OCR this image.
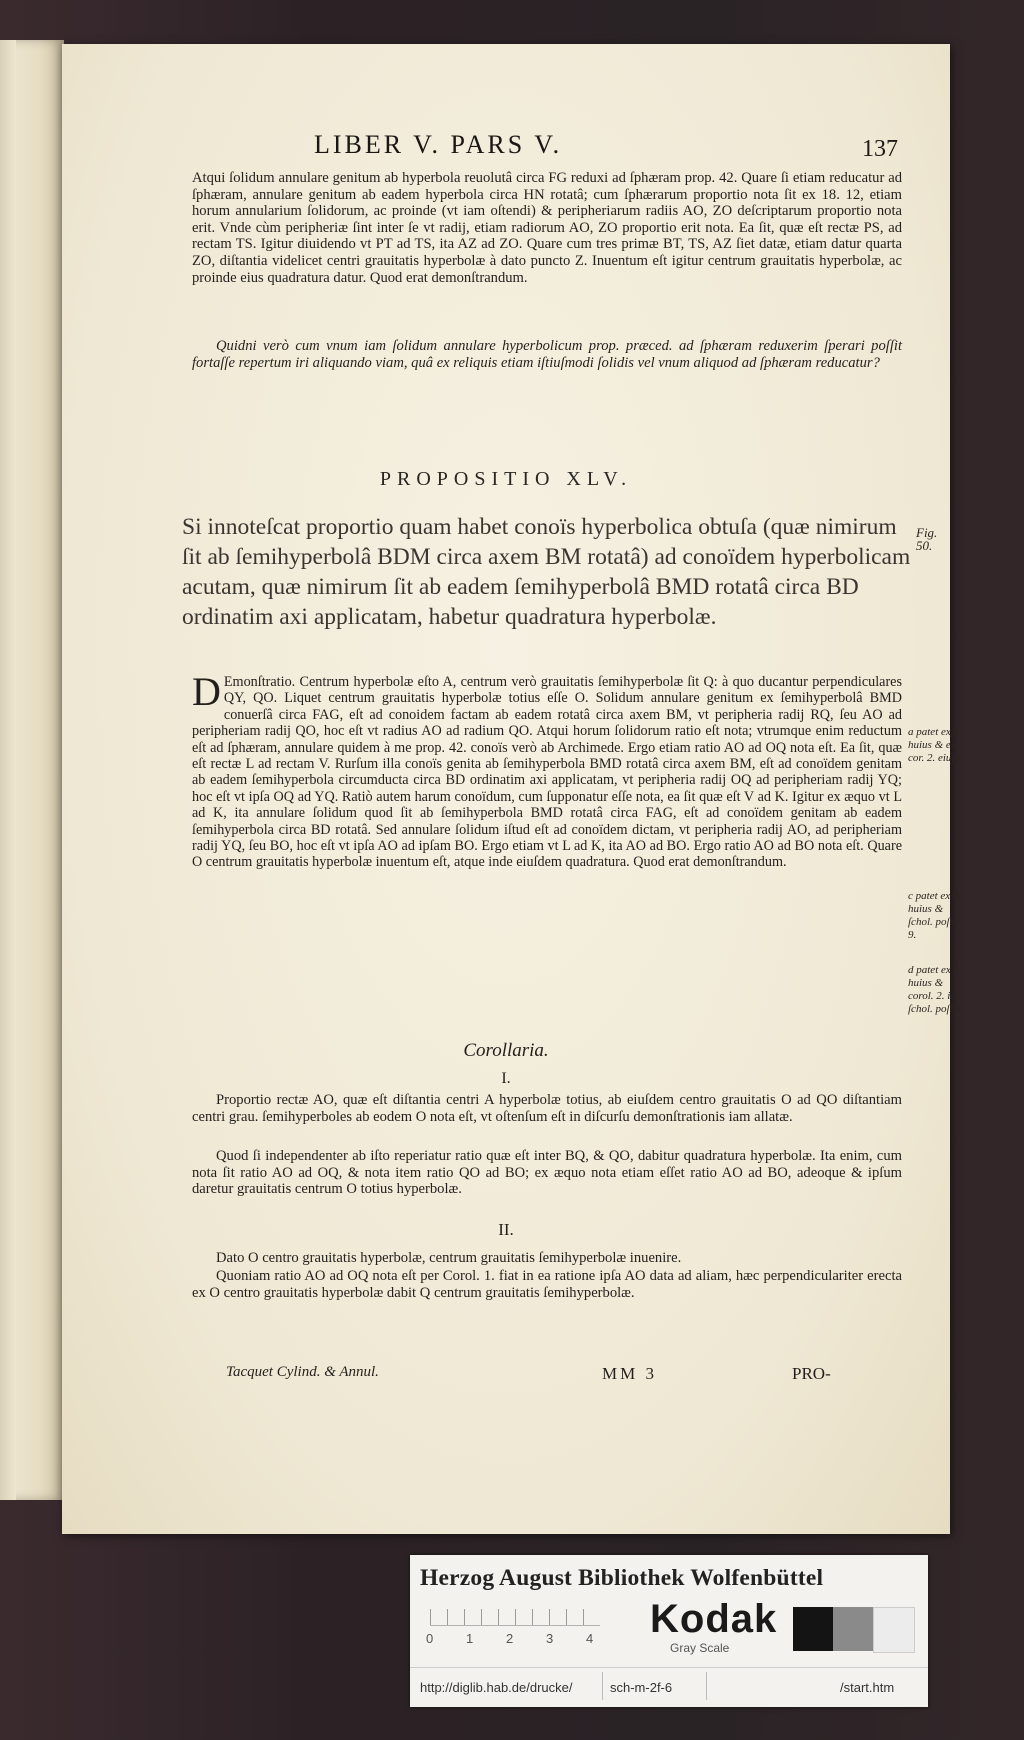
LIBER V. PARS V.	137
Atqui ſolidum annulare genitum ab hyperbola reuolutâ circa FG reduxi ad ſphæram prop. 42. Quare ſi etiam reducatur ad ſphæram, annulare genitum ab eadem hyperbola circa HN rotatâ; cum ſphærarum proportio nota ſit ex 18. 12, etiam horum annularium ſolidorum, ac proinde (vt iam oſtendi) & peripheriarum radiis AO, ZO deſcriptarum proportio nota erit. Vnde cùm peripheriæ ſint inter ſe vt radij, etiam radiorum AO, ZO proportio erit nota. Ea ſit, quæ eſt rectæ PS, ad rectam TS. Igitur diuidendo vt PT ad TS, ita AZ ad ZO. Quare cum tres primæ BT, TS, AZ ſiet datæ, etiam datur quarta ZO, diſtantia videlicet centri grauitatis hyperbolæ à dato puncto Z. Inuentum eſt igitur centrum grauitatis hyperbolæ, ac proinde eius quadratura datur. Quod erat demonſtrandum.
Quidni verò cum vnum iam ſolidum annulare hyperbolicum prop. præced. ad ſphæram reduxerim ſperari poſſit fortaſſe repertum iri aliquando viam, quâ ex reliquis etiam iſtiuſmodi ſolidis vel vnum aliquod ad ſphæram reducatur?
PROPOSITIO XLV.
Si innoteſcat proportio quam habet conoïs hyperbolica obtuſa (quæ nimirum ſit ab ſemihyperbolâ BDM circa axem BM rotatâ) ad conoïdem hyperbolicam acutam, quæ nimirum ſit ab eadem ſemihyperbolâ BMD rotatâ circa BD ordinatim axi applicatam, habetur quadratura hyperbolæ.
Fig. 50.
D Emonſtratio. Centrum hyperbolæ eſto A, centrum verò grauitatis ſemihyperbolæ ſit Q: à quo ducantur perpendiculares QY, QO. Liquet centrum grauitatis hyperbolæ totius eſſe O. Solidum annulare genitum ex ſemihyperbolâ BMD conuerſâ circa FAG, eſt ad conoidem factam ab eadem rotatâ circa axem BM, vt peripheria radij RQ, ſeu AO ad peripheriam radij QO, hoc eſt vt radius AO ad radium QO. Atqui horum ſolidorum ratio eſt nota; vtrumque enim reductum eſt ad ſphæram, annulare quidem à me prop. 42. conoïs verò ab Archimede. Ergo etiam ratio AO ad OQ nota eſt. Ea ſit, quæ eſt rectæ L ad rectam V. Rurſum illa conoïs genita ab ſemihyperbola BMD rotatâ circa axem BM, eſt ad conoïdem genitam ab eadem ſemihyperbola circumducta circa BD ordinatim axi applicatam, vt peripheria radij OQ ad peripheriam radij YQ; hoc eſt vt ipſa OQ ad YQ. Ratiò autem harum conoïdum, cum ſupponatur eſſe nota, ea ſit quæ eſt V ad K. Igitur ex æquo vt L ad K, ita annulare ſolidum quod ſit ab ſemihyperbola BMD rotatâ circa FAG, eſt ad conoïdem genitam ab eadem ſemihyperbola circa BD rotatâ. Sed annulare ſolidum iſtud eſt ad conoïdem dictam, vt peripheria radij AO, ad peripheriam radij YQ, ſeu BO, hoc eſt vt ipſa AO ad ipſam BO. Ergo etiam vt L ad K, ita AO ad BO. Ergo ratio AO ad BO nota eſt. Quare O centrum grauitatis hyperbolæ inuentum eſt, atque inde eiuſdem quadratura. Quod erat demonſtrandum.
a patet ex 9 huius & ex cor. 2. eiuſd.
c patet ex 9. huius & ſchol. poſt p. 9.
d patet ex 9. huius & corol. 2. in ſchol. poſt 9
Corollaria.
I.
Proportio rectæ AO, quæ eſt diſtantia centri A hyperbolæ totius, ab eiuſdem centro grauitatis O ad QO diſtantiam centri grau. ſemihyperboles ab eodem O nota eſt, vt oſtenſum eſt in diſcurſu demonſtrationis iam allatæ.
Quod ſi independenter ab iſto reperiatur ratio quæ eſt inter BQ, & QO, dabitur quadratura hyperbolæ. Ita enim, cum nota ſit ratio AO ad OQ, & nota item ratio QO ad BO; ex æquo nota etiam eſſet ratio AO ad BO, adeoque & ipſum daretur grauitatis centrum O totius hyperbolæ.
II.
Dato O centro grauitatis hyperbolæ, centrum grauitatis ſemihyperbolæ inuenire.
Quoniam ratio AO ad OQ nota eſt per Corol. 1. fiat in ea ratione ipſa AO data ad aliam, hæc perpendiculariter erecta ex O centro grauitatis hyperbolæ dabit Q centrum grauitatis ſemihyperbolæ.
Tacquet Cylind. & Annul.	MM 3	PRO-
Herzog August Bibliothek Wolfenbüttel
0	1	2	3	4	Kodak
Gray Scale
http://diglib.hab.de/drucke/	sch-m-2f-6	/start.htm
